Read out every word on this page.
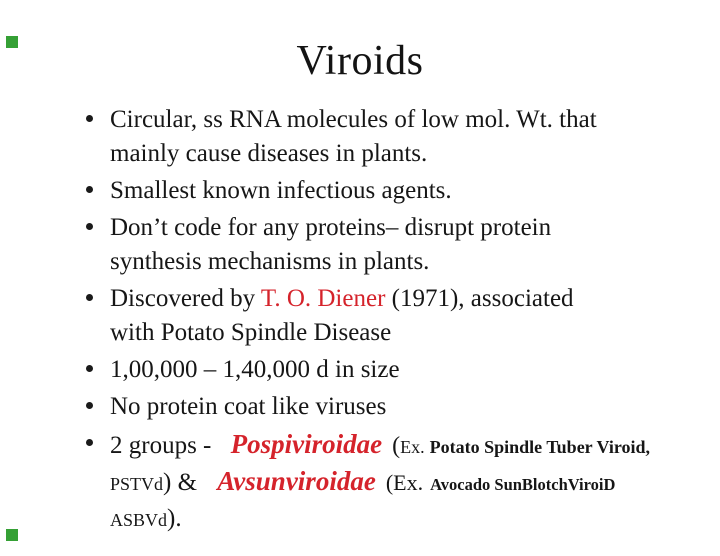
Viroids
Circular, ss RNA molecules of low mol. Wt. that
mainly cause diseases in plants.
Smallest known infectious agents.
Don’t code for any proteins– disrupt protein
synthesis mechanisms in plants.
Discovered by T. O. Diener (1971), associated
with Potato Spindle Disease
1,00,000 – 1,40,000 d in size
No protein coat like viruses
2 groups - Pospiviroidae (Ex. Potato Spindle Tuber Viroid,
PSTVd) & Avsunviroidae (Ex. Avocado SunBlotchViroiD
ASBVd).
